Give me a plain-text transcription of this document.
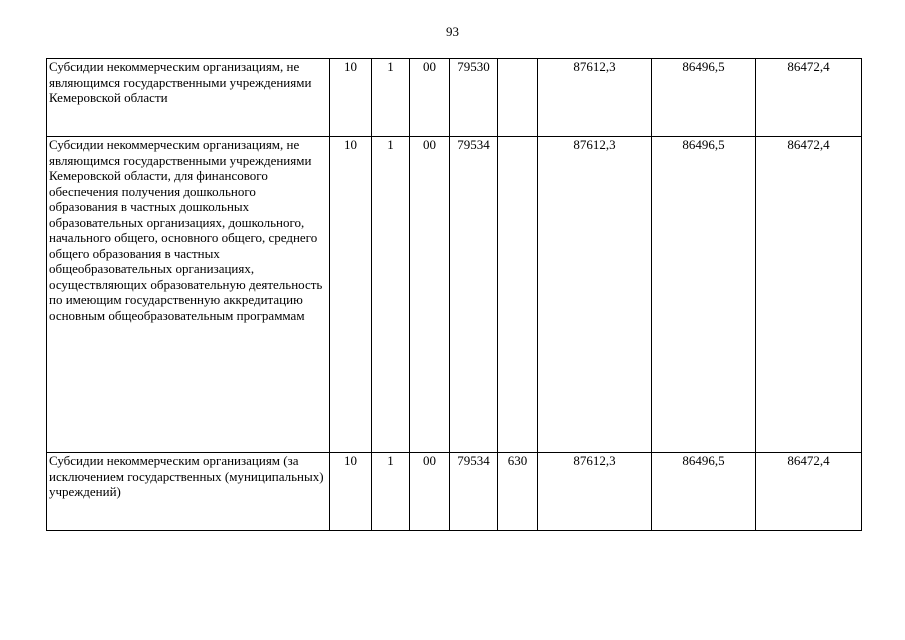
93
Субсидии некоммерческим организациям, не являющимся государственными учреждениями Кемеровской области	10	1	00	79530		87612,3	86496,5	86472,4
Субсидии некоммерческим организациям, не являющимся государственными учреждениями Кемеровской области, для финансового обеспечения получения дошкольного образования в частных дошкольных образовательных организациях, дошкольного, начального общего, основного общего, среднего общего образования в частных общеобразовательных организациях, осуществляющих образовательную деятельность по имеющим государственную аккредитацию основным общеобразовательным программам	10	1	00	79534		87612,3	86496,5	86472,4
Субсидии некоммерческим организациям (за исключением государственных (муниципальных) учреждений)	10	1	00	79534	630	87612,3	86496,5	86472,4
